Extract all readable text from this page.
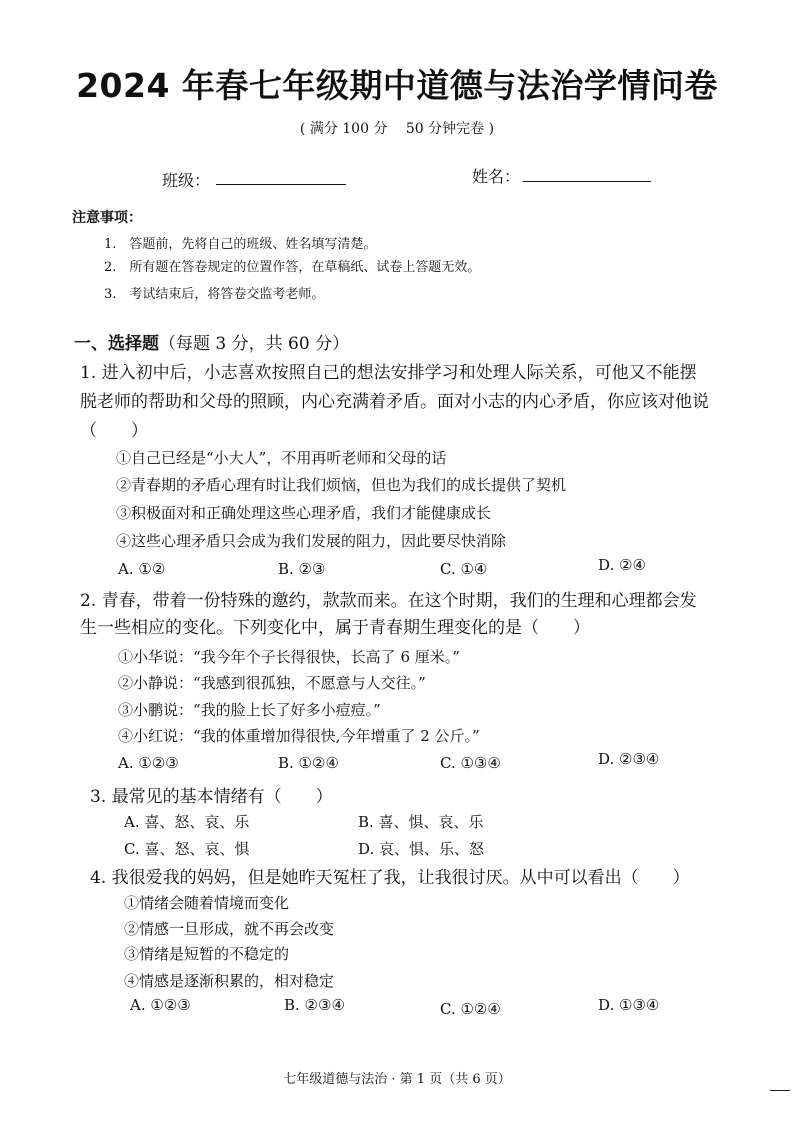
2024 年春七年级期中道德与法治学情问卷
( 满分 100 分　 50 分钟完卷 )
班级：	姓名：
注意事项：
1.　答题前，先将自己的班级、姓名填写清楚。
2.　所有题在答卷规定的位置作答，在草稿纸、试卷上答题无效。
3.　考试结束后，将答卷交监考老师。
一、选择题（每题 3 分，共 60 分）
1. 进入初中后，小志喜欢按照自己的想法安排学习和处理人际关系，可他又不能摆
脱老师的帮助和父母的照顾，内心充满着矛盾。面对小志的内心矛盾，你应该对他说
（　　）
①自己已经是“小大人”，不用再听老师和父母的话
②青春期的矛盾心理有时让我们烦恼，但也为我们的成长提供了契机
③积极面对和正确处理这些心理矛盾，我们才能健康成长
④这些心理矛盾只会成为我们发展的阻力，因此要尽快消除
A. ①②	B. ②③	C. ①④	D. ②④
2. 青春，带着一份特殊的邀约，款款而来。在这个时期，我们的生理和心理都会发
生一些相应的变化。下列变化中，属于青春期生理变化的是（　　）
①小华说：“我今年个子长得很快，长高了 6 厘米。”
②小静说：“我感到很孤独，不愿意与人交往。”
③小鹏说：“我的脸上长了好多小痘痘。”
④小红说：“我的体重增加得很快,今年增重了 2 公斤。”
A. ①②③	B. ①②④	C. ①③④	D. ②③④
3. 最常见的基本情绪有（　　）
A. 喜、怒、哀、乐	B. 喜、惧、哀、乐
C. 喜、怒、哀、惧	D. 哀、惧、乐、怒
4. 我很爱我的妈妈，但是她昨天冤枉了我，让我很讨厌。从中可以看出（　　）
①情绪会随着情境而变化
②情感一旦形成，就不再会改变
③情绪是短暂的不稳定的
④情感是逐渐积累的，相对稳定
A. ①②③	B. ②③④	C. ①②④	D. ①③④
七年级道德与法治 · 第 1 页（共 6 页）
